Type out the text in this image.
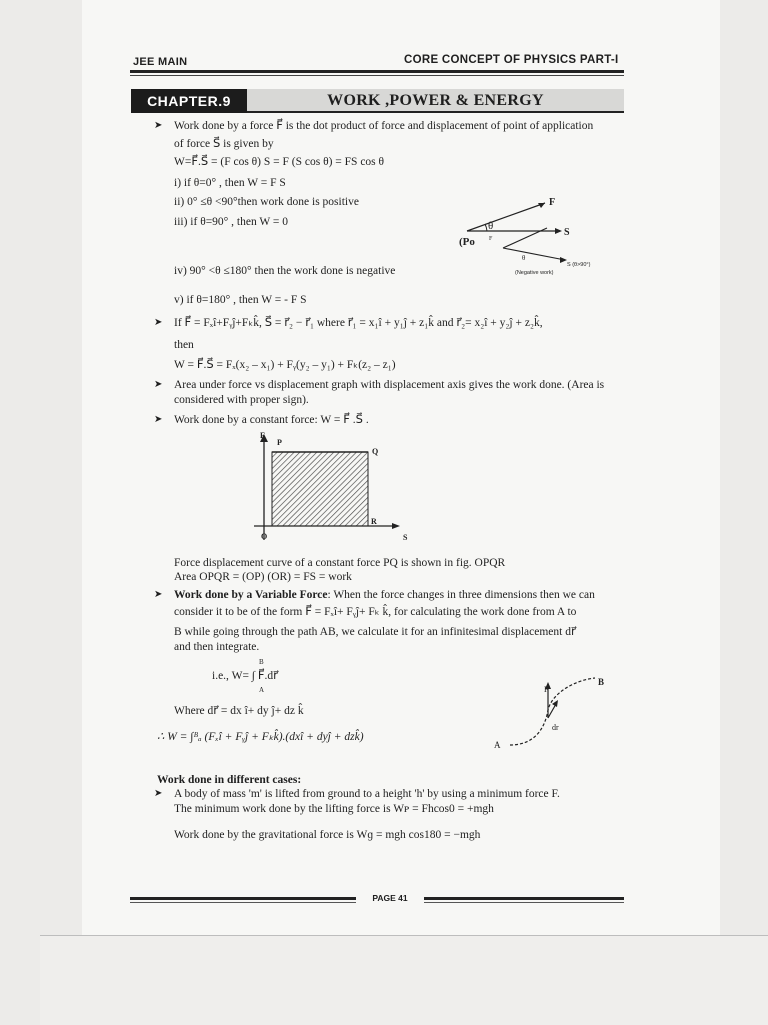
JEE MAIN	CORE CONCEPT OF PHYSICS PART-I
CHAPTER.9	WORK ,POWER & ENERGY
➤ Work done by a force F⃗ is the dot product of force and displacement of point of application
of force S⃗ is given by
W=F⃗.S⃗ = (F cos θ) S = F (S cos θ) = FS cos θ
i) if θ=0° , then W = F S
ii) 0° ≤θ <90°then work done is positive
iii) if θ=90° , then W = 0
F
S
θ
(Po F
θ
S (θ>90°)
(Negative work)
iv) 90° <θ ≤180° then the work done is negative
v) if θ=180° , then W = - F S
➤ If F⃗ = Fₓî+Fᵧĵ+Fₖk̂, S⃗ = r⃗₂ − r⃗₁ where r⃗₁ = x₁î + y₁ĵ + z₁k̂ and r⃗₂= x₂î + y₂ĵ + z₂k̂,
then
W = F⃗.S⃗ = Fₓ(x₂ – x₁) + Fᵧ(y₂ – y₁) + Fₖ(z₂ – z₁)
➤ Area under force vs displacement graph with displacement axis gives the work done. (Area is
considered with proper sign).
➤ Work done by a constant force: W = F⃗ .S⃗ .
F
P
Q
R
O	S
Force displacement curve of a constant force PQ is shown in fig. OPQR
Area OPQR = (OP) (OR) = FS = work
➤ Work done by a Variable Force: When the force changes in three dimensions then we can
consider it to be of the form F⃗ = Fₓî+ Fᵧĵ+ Fₖ k̂, for calculating the work done from A to
B while going through the path AB, we calculate it for an infinitesimal displacement dr⃗
and then integrate.
B
i.e., W= ∫ F⃗.dr⃗
A
A
B
F
dr
Where dr⃗ = dx î+ dy ĵ+ dz k̂
∴ W = ∫ᴮₐ (Fₓî + Fᵧĵ + Fₖk̂).(dxî + dyĵ + dzk̂)
Work done in different cases:
➤ A body of mass 'm' is lifted from ground to a height 'h' by using a minimum force F.
The minimum work done by the lifting force is Wᴘ = Fhcos0 = +mgh
Work done by the gravitational force is Wɡ = mgh cos180 = −mgh
PAGE 41
